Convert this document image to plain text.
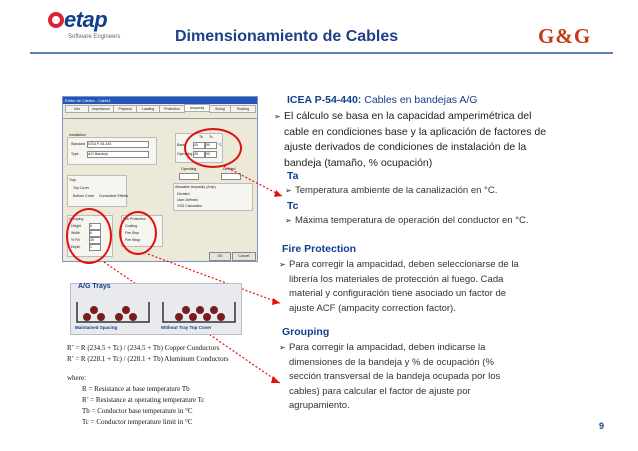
etap
Software Engineers	Dimensionamiento de Cables	G&G
Editor de Cables - Cable1
Info	Impedance	Physical	Loading	Protection	Ampacity	Sizing	Routing
Installation
Standard ICEA P-54-440
Type	A/G Bandeja
Tb Tc
Base	40	90
Operating 35	90
°C
Tray
Top Cover
Bottom Cover Cumulative Effects
Operating	Derated
Allowable Ampacity (Amp)
Derated
User-Defined
VSD Calculated
Grouping
Height	6
Width	6
% Fill	35
Depth	1
Fire Protection
Coating
Fire Stop
Fire Wrap
OK	Cancel
Maintained Spacing	Without Tray Top Cover
A/G Trays
R’ = R (234.5 + Tc) / (234.5 + Tb) Copper Conductors
R’ = R (228.1 + Tc) / (228.1 + Tb) Aluminum Conductors
where:
R = Resistance at base temperature Tb
R’ = Resistance at operating temperature Tc
Tb = Conductor base temperature in °C
Tc = Conductor temperature limit in °C
ICEA P-54-440: Cables en bandejas A/G
➢ El cálculo se basa en la capacidad amperimétrica del
cable en condiciones base y la aplicación de factores de
ajuste derivados de condiciones de instalación de la
bandeja (tamaño, % ocupación)
Ta
➢ Temperatura ambiente de la canalización en °C.
Tc
➢ Máxima temperatura de operación del conductor en °C.
Fire Protection
➢ Para corregir la ampacidad, deben seleccionarse de la
librería los materiales de protección al fuego. Cada
material y configuración tiene asociado un factor de
ajuste ACF (ampacity correction factor).
Grouping
➢ Para corregir la ampacidad, deben indicarse la
dimensiones de la bandeja y % de ocupación (%
sección transversal de la bandeja ocupada por los
cables) para calcular el factor de ajuste por
agrupamiento.
9
